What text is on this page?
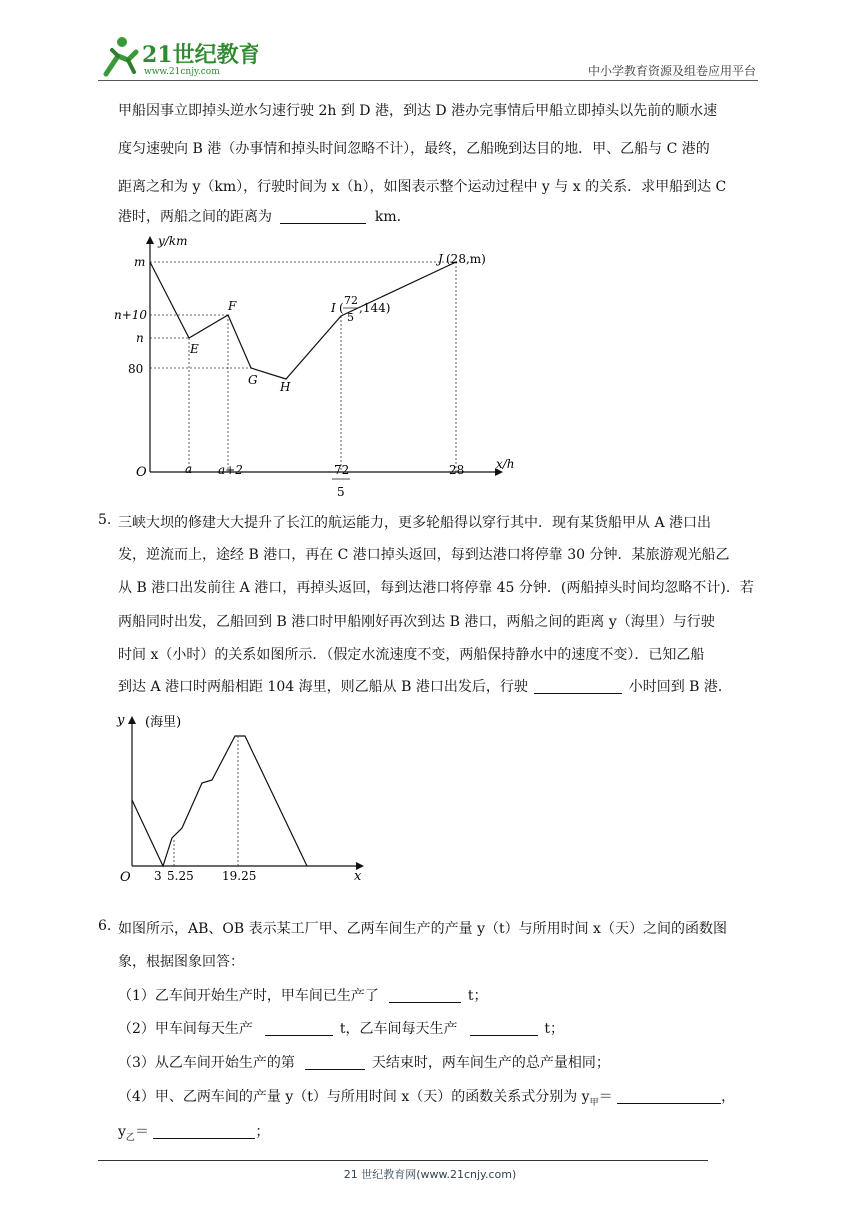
21世纪教育
www.21cnjy.com	中小学教育资源及组卷应用平台
甲船因事立即掉头逆水匀速行驶 2h 到 D 港，到达 D 港办完事情后甲船立即掉头以先前的顺水速
度匀速驶向 B 港（办事情和掉头时间忽略不计），最终，乙船晚到达目的地．甲、乙船与 C 港的
距离之和为 y（km），行驶时间为 x（h），如图表示整个运动过程中 y 与 x 的关系．求甲船到达 C
港时，两船之间的距离为	km．
y/km
x/h
O
m
n+10
n
80
a a+2	72
5
28
E
F
G H
I (
72
5
,144)
J (28,m)
5. 三峡大坝的修建大大提升了长江的航运能力，更多轮船得以穿行其中．现有某货船甲从 A 港口出
发，逆流而上，途经 B 港口，再在 C 港口掉头返回，每到达港口将停靠 30 分钟．某旅游观光船乙
从 B 港口出发前往 A 港口，再掉头返回，每到达港口将停靠 45 分钟．(两船掉头时间均忽略不计)．若
两船同时出发，乙船回到 B 港口时甲船刚好再次到达 B 港口，两船之间的距离 y（海里）与行驶
时间 x（小时）的关系如图所示．（假定水流速度不变，两船保持静水中的速度不变）．已知乙船
到达 A 港口时两船相距 104 海里，则乙船从 B 港口出发后，行驶	小时回到 B 港．
y (海里)
x
O 3 5.25 19.25
6. 如图所示，AB、OB 表示某工厂甲、乙两车间生产的产量 y（t）与所用时间 x（天）之间的函数图
象，根据图象回答：
（1）乙车间开始生产时，甲车间已生产了	t；
（2）甲车间每天生产	t，乙车间每天生产	t；
（3）从乙车间开始生产的第	天结束时，两车间生产的总产量相同；
（4）甲、乙两车间的产量 y（t）与所用时间 x（天）的函数关系式分别为 $y_甲=$	，
$y_乙=$	；
21 世纪教育网(www.21cnjy.com)
